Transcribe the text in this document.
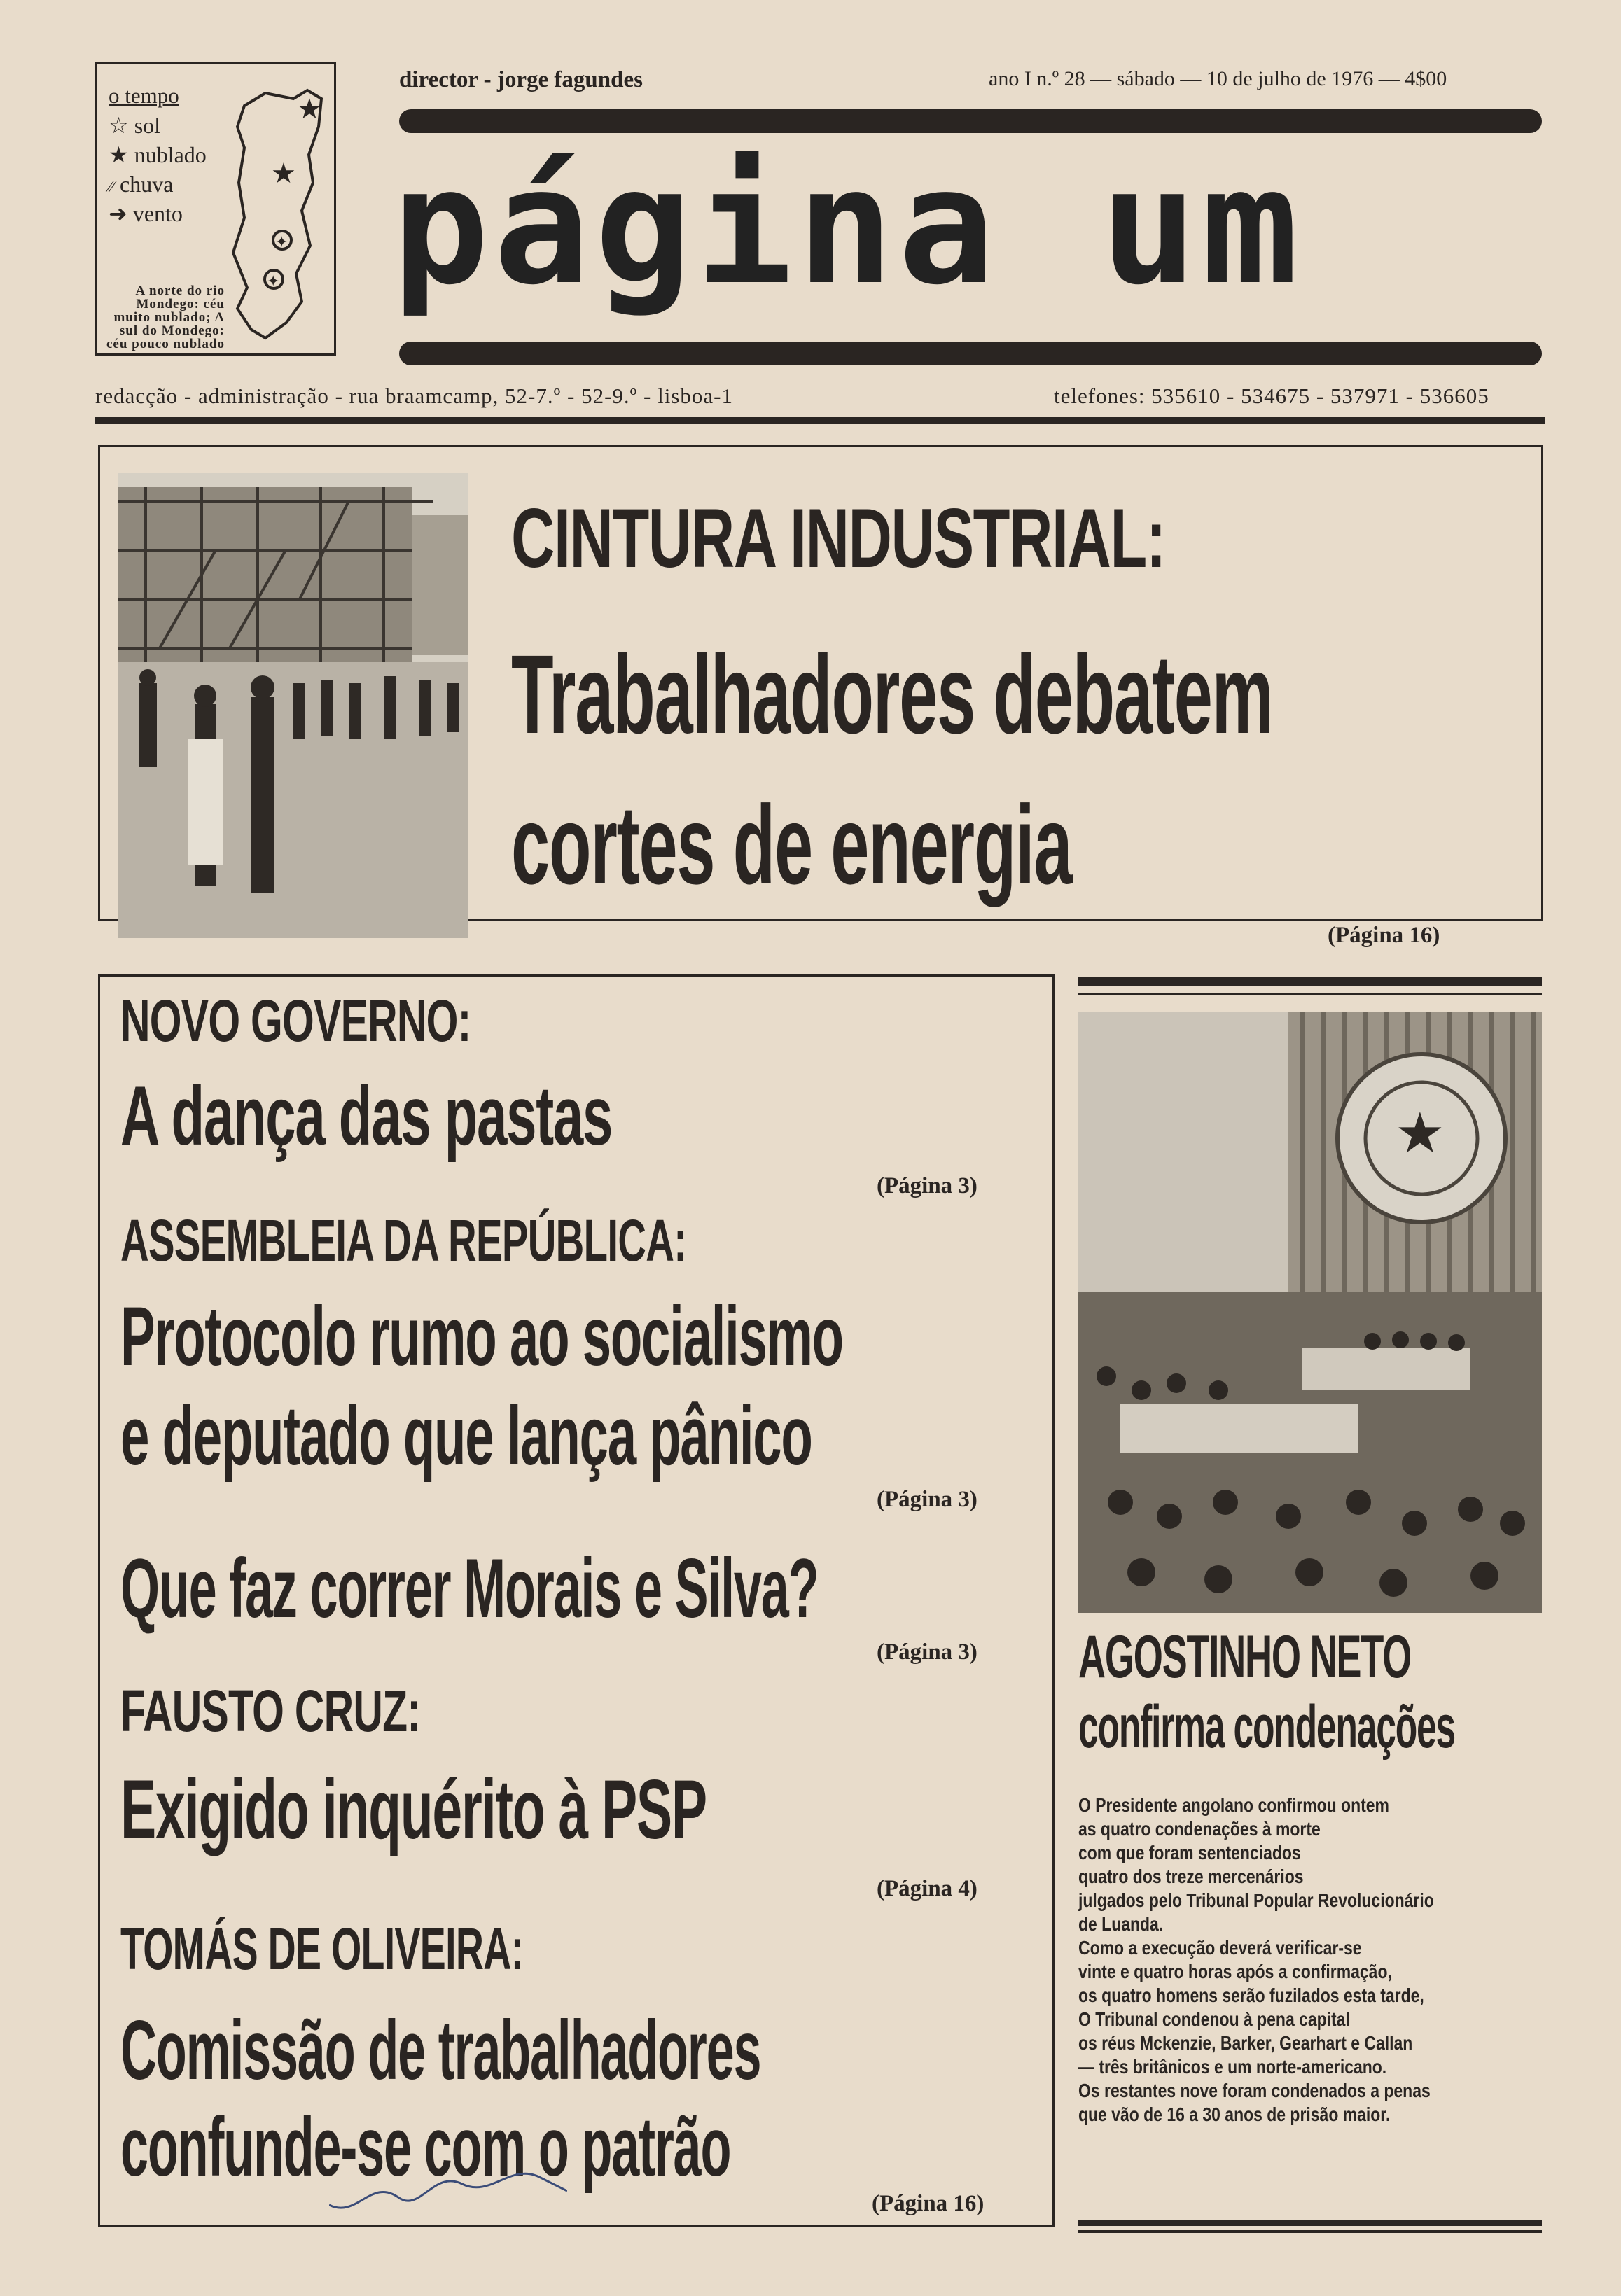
o tempo
☆ sol
★ nublado
⁄⁄ chuva
➜ vento
A norte do rio Mondego: céu muito nublado; A sul do Mondego: céu pouco nublado
★
★
✦
✦
director - jorge fagundes	ano I n.º 28 — sábado — 10 de julho de 1976 — 4$00
página um
redacção - administração - rua braamcamp, 52-7.º - 52-9.º - lisboa-1	telefones: 535610 - 534675 - 537971 - 536605
CINTURA INDUSTRIAL:
Trabalhadores debatem
cortes de energia
(Página 16)
NOVO GOVERNO:
A dança das pastas
(Página 3)
ASSEMBLEIA DA REPÚBLICA:
Protocolo rumo ao socialismo
e deputado que lança pânico
(Página 3)
Que faz correr Morais e Silva?
(Página 3)
FAUSTO CRUZ:
Exigido inquérito à PSP
(Página 4)
TOMÁS DE OLIVEIRA:
Comissão de trabalhadores
confunde-se com o patrão
(Página 16)
★
AGOSTINHO NETO
confirma condenações
O Presidente angolano confirmou ontem
as quatro condenações à morte
com que foram sentenciados
quatro dos treze mercenários
julgados pelo Tribunal Popular Revolucionário
de Luanda.
Como a execução deverá verificar-se
vinte e quatro horas após a confirmação,
os quatro homens serão fuzilados esta tarde,
O Tribunal condenou à pena capital
os réus Mckenzie, Barker, Gearhart e Callan
— três britânicos e um norte-americano.
Os restantes nove foram condenados a penas
que vão de 16 a 30 anos de prisão maior.
